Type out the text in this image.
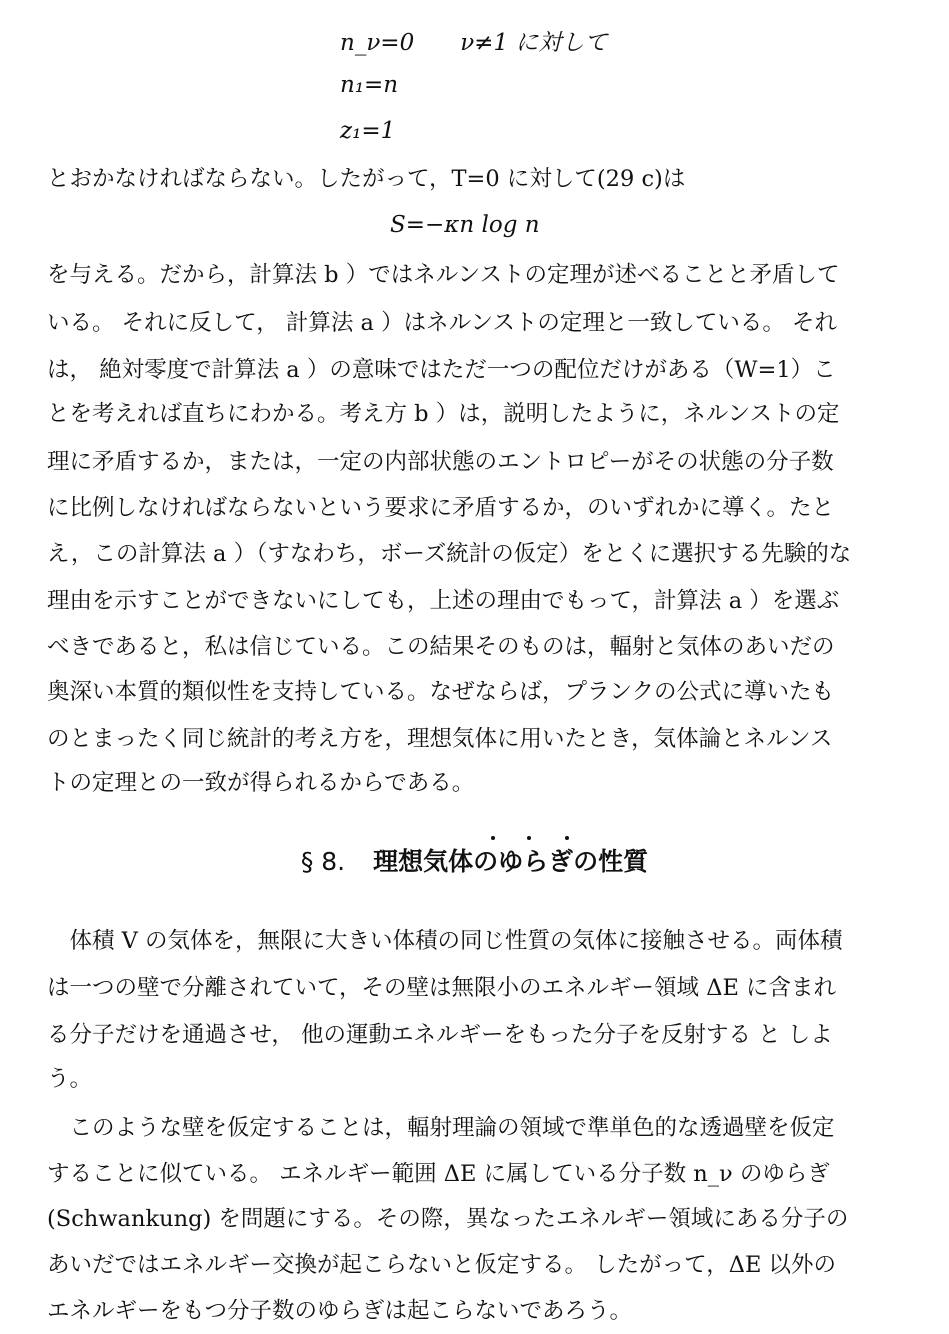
n_ν=0　　ν≠1 に対して
n₁=n
z₁=1
とおかなければならない。したがって，T=0 に対して(29 c)は
S=−κn log n
を与える。だから，計算法 b ）ではネルンストの定理が述べることと矛盾して
いる。 それに反して， 計算法 a ）はネルンストの定理と一致している。 それ
は， 絶対零度で計算法 a ）の意味ではただ一つの配位だけがある（W=1）こ
とを考えれば直ちにわかる。考え方 b ）は，説明したように，ネルンストの定
理に矛盾するか，または，一定の内部状態のエントロピーがその状態の分子数
に比例しなければならないという要求に矛盾するか，のいずれかに導く。たと
え，この計算法 a ）（すなわち，ボーズ統計の仮定）をとくに選択する先験的な
理由を示すことができないにしても，上述の理由でもって，計算法 a ）を選ぶ
べきであると，私は信じている。この結果そのものは，輻射と気体のあいだの
奥深い本質的類似性を支持している。なぜならば，プランクの公式に導いたも
のとまったく同じ統計的考え方を，理想気体に用いたとき，気体論とネルンス
トの定理との一致が得られるからである。
§ 8. 理想気体のゆらぎの性質
　体積 V の気体を，無限に大きい体積の同じ性質の気体に接触させる。両体積
は一つの壁で分離されていて，その壁は無限小のエネルギー領域 ΔE に含まれ
る分子だけを通過させ， 他の運動エネルギーをもった分子を反射する と しよ
う。
　このような壁を仮定することは，輻射理論の領域で準単色的な透過壁を仮定
することに似ている。 エネルギー範囲 ΔE に属している分子数 n_ν のゆらぎ
(Schwankung) を問題にする。その際，異なったエネルギー領域にある分子の
あいだではエネルギー交換が起こらないと仮定する。 したがって，ΔE 以外の
エネルギーをもつ分子数のゆらぎは起こらないであろう。
